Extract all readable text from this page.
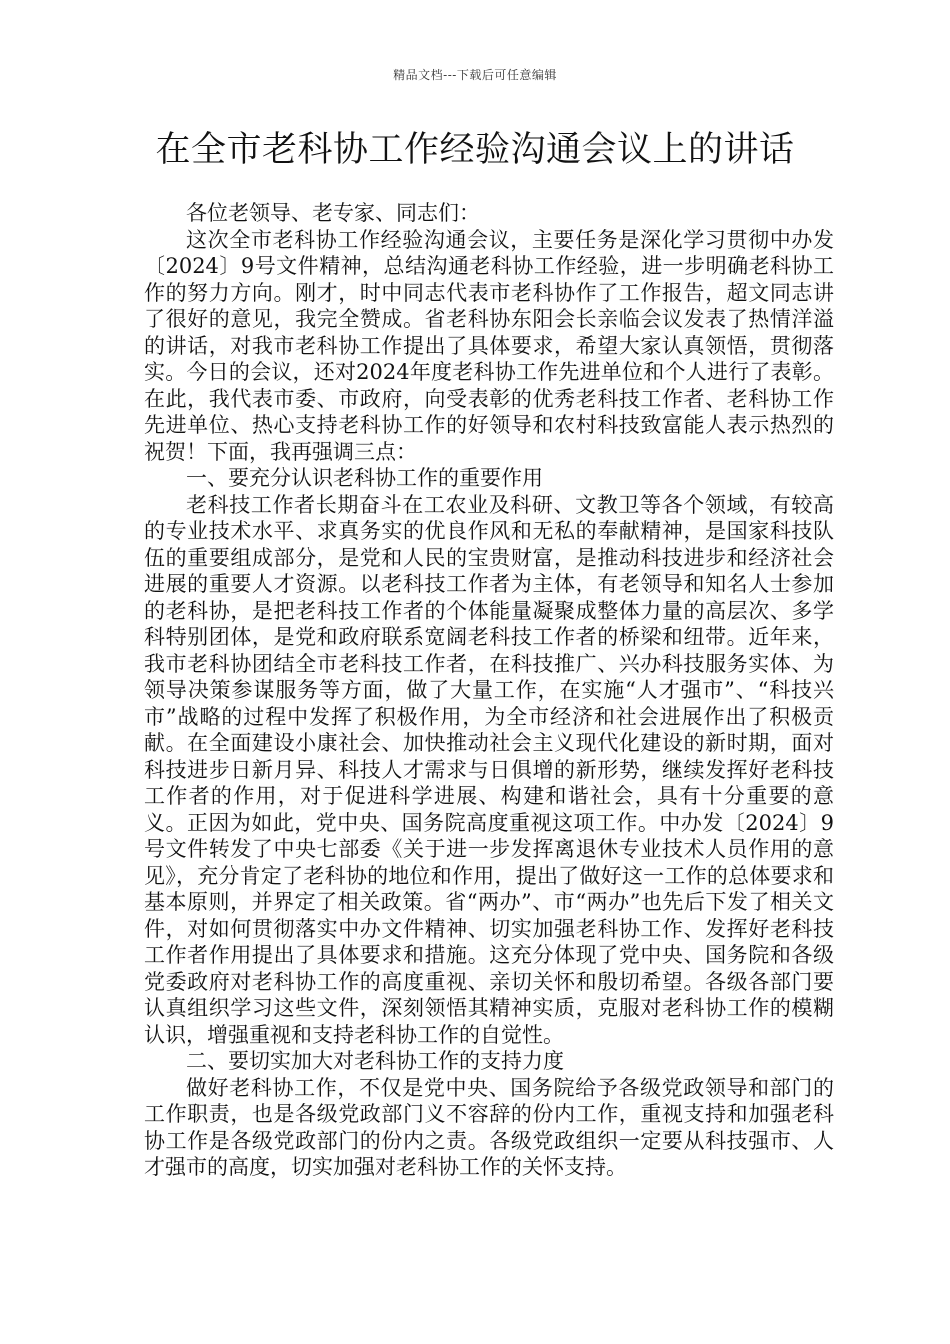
精品文档---下载后可任意编辑
在全市老科协工作经验沟通会议上的讲话

各位老领导、老专家、同志们：

这次全市老科协工作经验沟通会议，主要任务是深化学习贯彻中办发〔2024〕9号文件精神，总结沟通老科协工作经验，进一步明确老科协工作的努力方向。刚才，时中同志代表市老科协作了工作报告，超文同志讲了很好的意见，我完全赞成。省老科协东阳会长亲临会议发表了热情洋溢的讲话，对我市老科协工作提出了具体要求，希望大家认真领悟，贯彻落实。今日的会议，还对2024年度老科协工作先进单位和个人进行了表彰。在此，我代表市委、市政府，向受表彰的优秀老科技工作者、老科协工作先进单位、热心支持老科协工作的好领导和农村科技致富能人表示热烈的祝贺！下面，我再强调三点：

一、要充分认识老科协工作的重要作用

老科技工作者长期奋斗在工农业及科研、文教卫等各个领域，有较高的专业技术水平、求真务实的优良作风和无私的奉献精神，是国家科技队伍的重要组成部分，是党和人民的宝贵财富，是推动科技进步和经济社会进展的重要人才资源。以老科技工作者为主体，有老领导和知名人士参加的老科协，是把老科技工作者的个体能量凝聚成整体力量的高层次、多学科特别团体，是党和政府联系宽阔老科技工作者的桥梁和纽带。近年来，我市老科协团结全市老科技工作者，在科技推广、兴办科技服务实体、为领导决策参谋服务等方面，做了大量工作，在实施“人才强市”、“科技兴市”战略的过程中发挥了积极作用，为全市经济和社会进展作出了积极贡献。在全面建设小康社会、加快推动社会主义现代化建设的新时期，面对科技进步日新月异、科技人才需求与日俱增的新形势，继续发挥好老科技工作者的作用，对于促进科学进展、构建和谐社会，具有十分重要的意义。正因为如此，党中央、国务院高度重视这项工作。中办发〔2024〕9号文件转发了中央七部委《关于进一步发挥离退休专业技术人员作用的意见》，充分肯定了老科协的地位和作用，提出了做好这一工作的总体要求和基本原则，并界定了相关政策。省“两办”、市“两办”也先后下发了相关文件，对如何贯彻落实中办文件精神、切实加强老科协工作、发挥好老科技工作者作用提出了具体要求和措施。这充分体现了党中央、国务院和各级党委政府对老科协工作的高度重视、亲切关怀和殷切希望。各级各部门要认真组织学习这些文件，深刻领悟其精神实质，克服对老科协工作的模糊认识，增强重视和支持老科协工作的自觉性。

二、要切实加大对老科协工作的支持力度

做好老科协工作，不仅是党中央、国务院给予各级党政领导和部门的工作职责，也是各级党政部门义不容辞的份内工作，重视支持和加强老科协工作是各级党政部门的份内之责。各级党政组织一定要从科技强市、人才强市的高度，切实加强对老科协工作的关怀支持。
